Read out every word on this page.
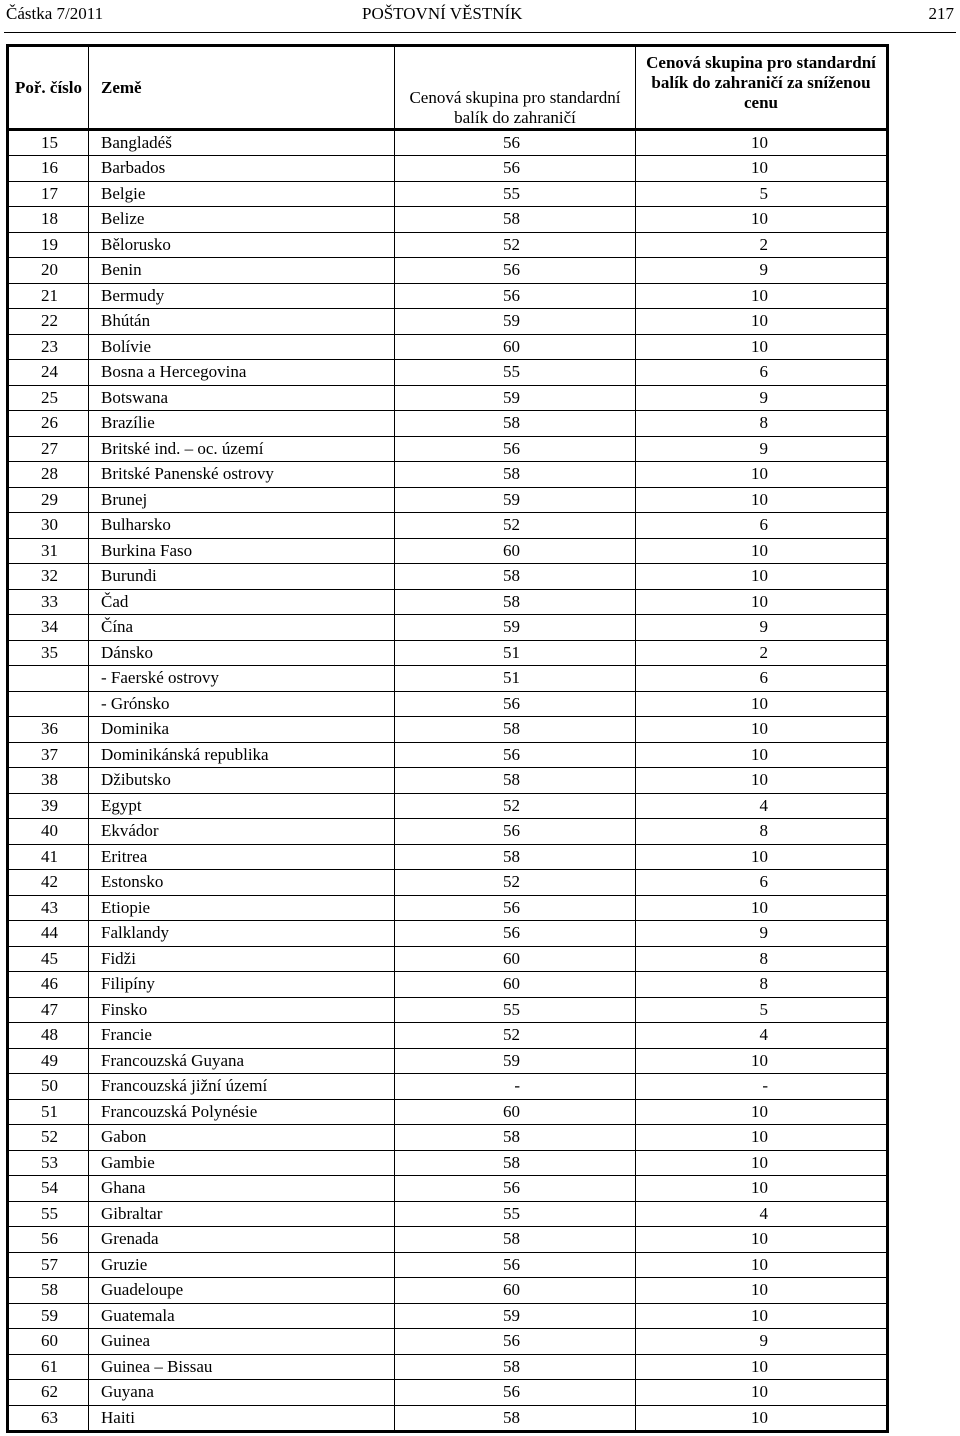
Částka 7/2011	POŠTOVNÍ VĚSTNÍK	217
Poř. číslo	Země	Cenová skupina pro standardní balík do zahraničí	Cenová skupina pro standardní balík do zahraničí za sníženou cenu
15	Bangladéš	56	10
16	Barbados	56	10
17	Belgie	55	5
18	Belize	58	10
19	Bělorusko	52	2
20	Benin	56	9
21	Bermudy	56	10
22	Bhútán	59	10
23	Bolívie	60	10
24	Bosna a Hercegovina	55	6
25	Botswana	59	9
26	Brazílie	58	8
27	Britské ind. – oc. území	56	9
28	Britské Panenské ostrovy	58	10
29	Brunej	59	10
30	Bulharsko	52	6
31	Burkina Faso	60	10
32	Burundi	58	10
33	Čad	58	10
34	Čína	59	9
35	Dánsko	51	2
	- Faerské ostrovy	51	6
	- Grónsko	56	10
36	Dominika	58	10
37	Dominikánská republika	56	10
38	Džibutsko	58	10
39	Egypt	52	4
40	Ekvádor	56	8
41	Eritrea	58	10
42	Estonsko	52	6
43	Etiopie	56	10
44	Falklandy	56	9
45	Fidži	60	8
46	Filipíny	60	8
47	Finsko	55	5
48	Francie	52	4
49	Francouzská Guyana	59	10
50	Francouzská jižní území	-	-
51	Francouzská Polynésie	60	10
52	Gabon	58	10
53	Gambie	58	10
54	Ghana	56	10
55	Gibraltar	55	4
56	Grenada	58	10
57	Gruzie	56	10
58	Guadeloupe	60	10
59	Guatemala	59	10
60	Guinea	56	9
61	Guinea – Bissau	58	10
62	Guyana	56	10
63	Haiti	58	10
